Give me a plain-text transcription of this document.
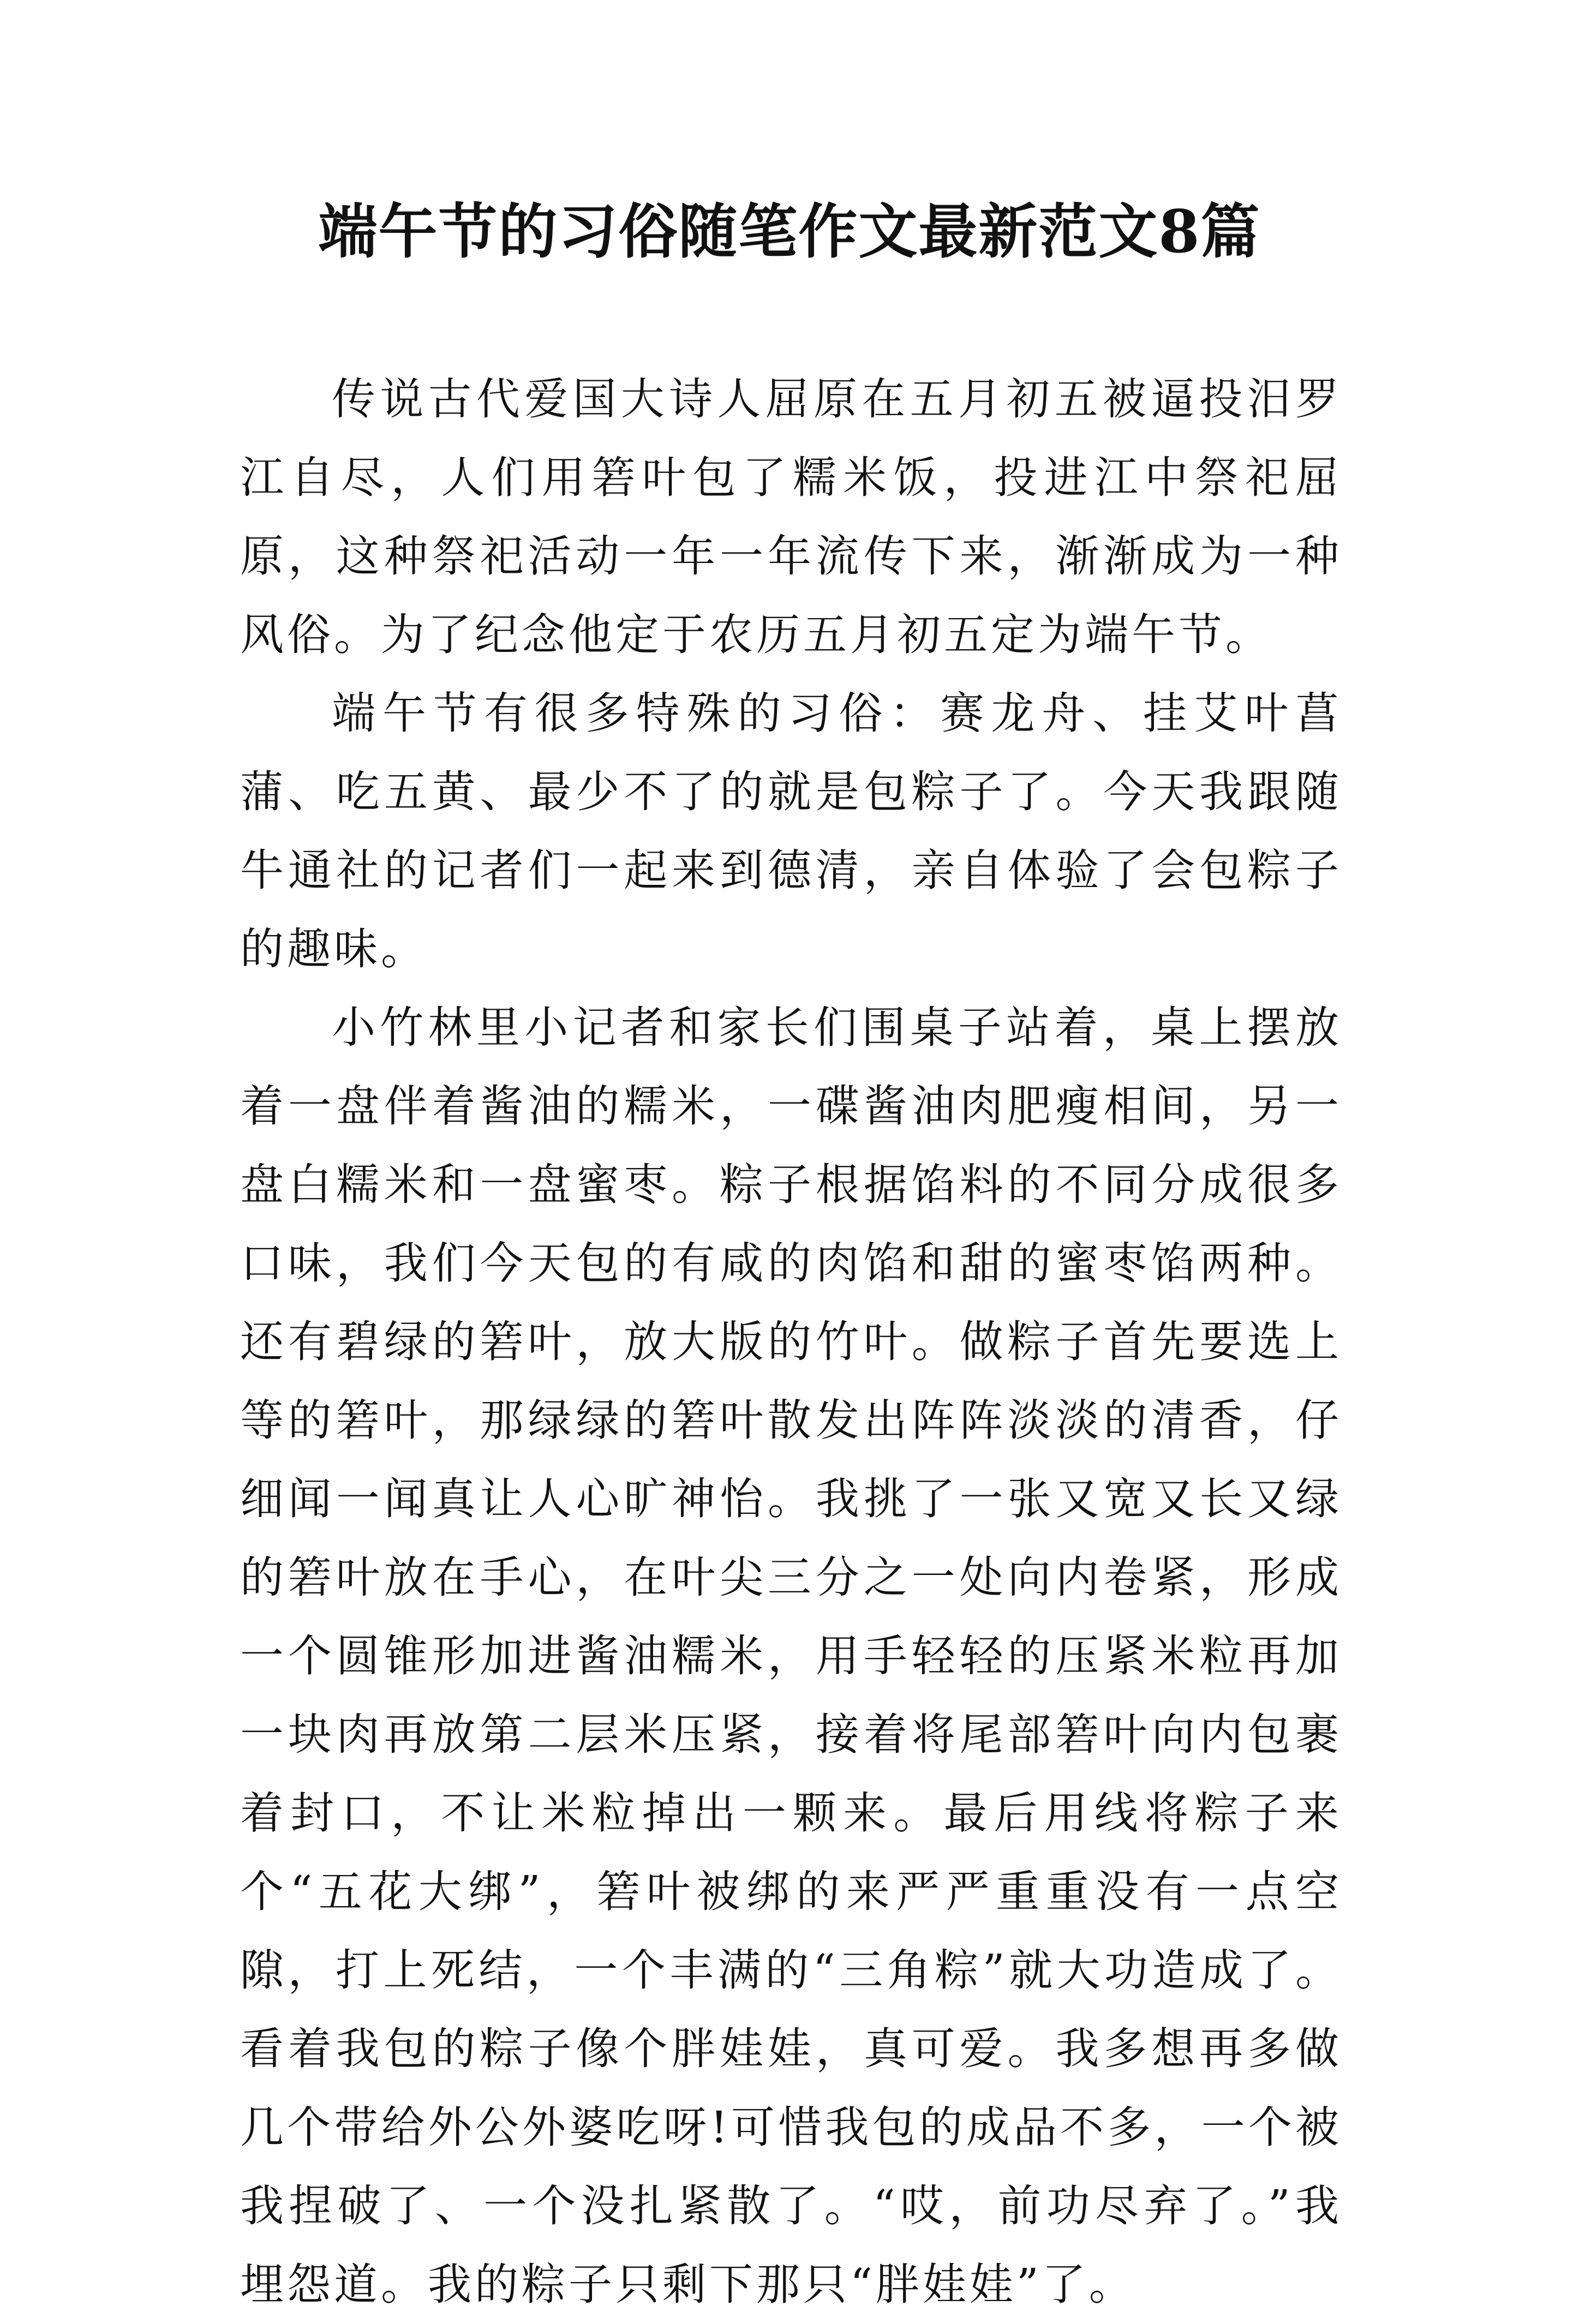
端午节的习俗随笔作文最新范文8篇

传说古代爱国大诗人屈原在五月初五被逼投汨罗江自尽，人们用箬叶包了糯米饭，投进江中祭祀屈原，这种祭祀活动一年一年流传下来，渐渐成为一种风俗。为了纪念他定于农历五月初五定为端午节。

端午节有很多特殊的习俗：赛龙舟、挂艾叶菖蒲、吃五黄、最少不了的就是包粽子了。今天我跟随牛通社的记者们一起来到德清，亲自体验了会包粽子的趣味。

小竹林里小记者和家长们围桌子站着，桌上摆放着一盘伴着酱油的糯米，一碟酱油肉肥瘦相间，另一盘白糯米和一盘蜜枣。粽子根据馅料的不同分成很多口味，我们今天包的有咸的肉馅和甜的蜜枣馅两种。还有碧绿的箬叶，放大版的竹叶。做粽子首先要选上等的箬叶，那绿绿的箬叶散发出阵阵淡淡的清香，仔细闻一闻真让人心旷神怡。我挑了一张又宽又长又绿的箬叶放在手心，在叶尖三分之一处向内卷紧，形成一个圆锥形加进酱油糯米，用手轻轻的压紧米粒再加一块肉再放第二层米压紧，接着将尾部箬叶向内包裹着封口，不让米粒掉出一颗来。最后用线将粽子来个“五花大绑”，箬叶被绑的来严严重重没有一点空隙，打上死结，一个丰满的“三角粽”就大功造成了。看着我包的粽子像个胖娃娃，真可爱。我多想再多做几个带给外公外婆吃呀!可惜我包的成品不多，一个被我捏破了、一个没扎紧散了。“哎，前功尽弃了。”我埋怨道。我的粽子只剩下那只“胖娃娃”了。
